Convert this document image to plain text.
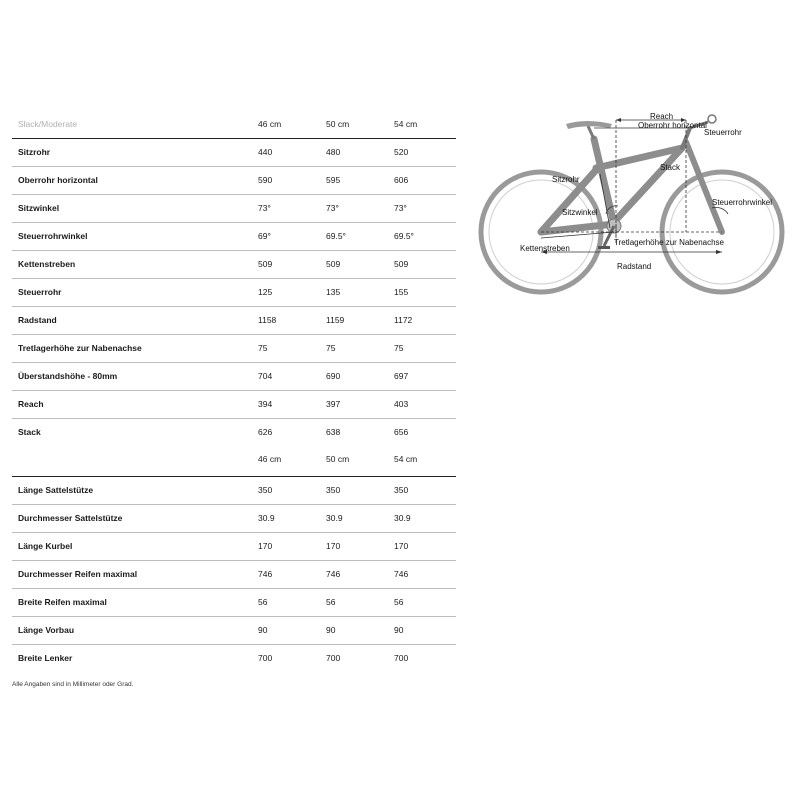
Slack/Moderate	46 cm	50 cm	54 cm
Sitzrohr	440	480	520
Oberrohr horizontal	590	595	606
Sitzwinkel	73°	73°	73°
Steuerrohrwinkel	69°	69.5°	69.5°
Kettenstreben	509	509	509
Steuerrohr	125	135	155
Radstand	1158	1159	1172
Tretlagerhöhe zur Nabenachse	75	75	75
Überstandshöhe - 80mm	704	690	697
Reach	394	397	403
Stack	626	638	656
46 cm	50 cm	54 cm
Länge Sattelstütze	350	350	350
Durchmesser Sattelstütze	30.9	30.9	30.9
Länge Kurbel	170	170	170
Durchmesser Reifen maximal	746	746	746
Breite Reifen maximal	56	56	56
Länge Vorbau	90	90	90
Breite Lenker	700	700	700
Alle Angaben sind in Millimeter oder Grad.
Reach
Oberrohr horizontal
Steuerrohr
Sitzrohr
Stack
Sitzwinkel
Steuerrohrwinkel
Kettenstreben
Tretlagerhöhe zur Nabenachse
Radstand
